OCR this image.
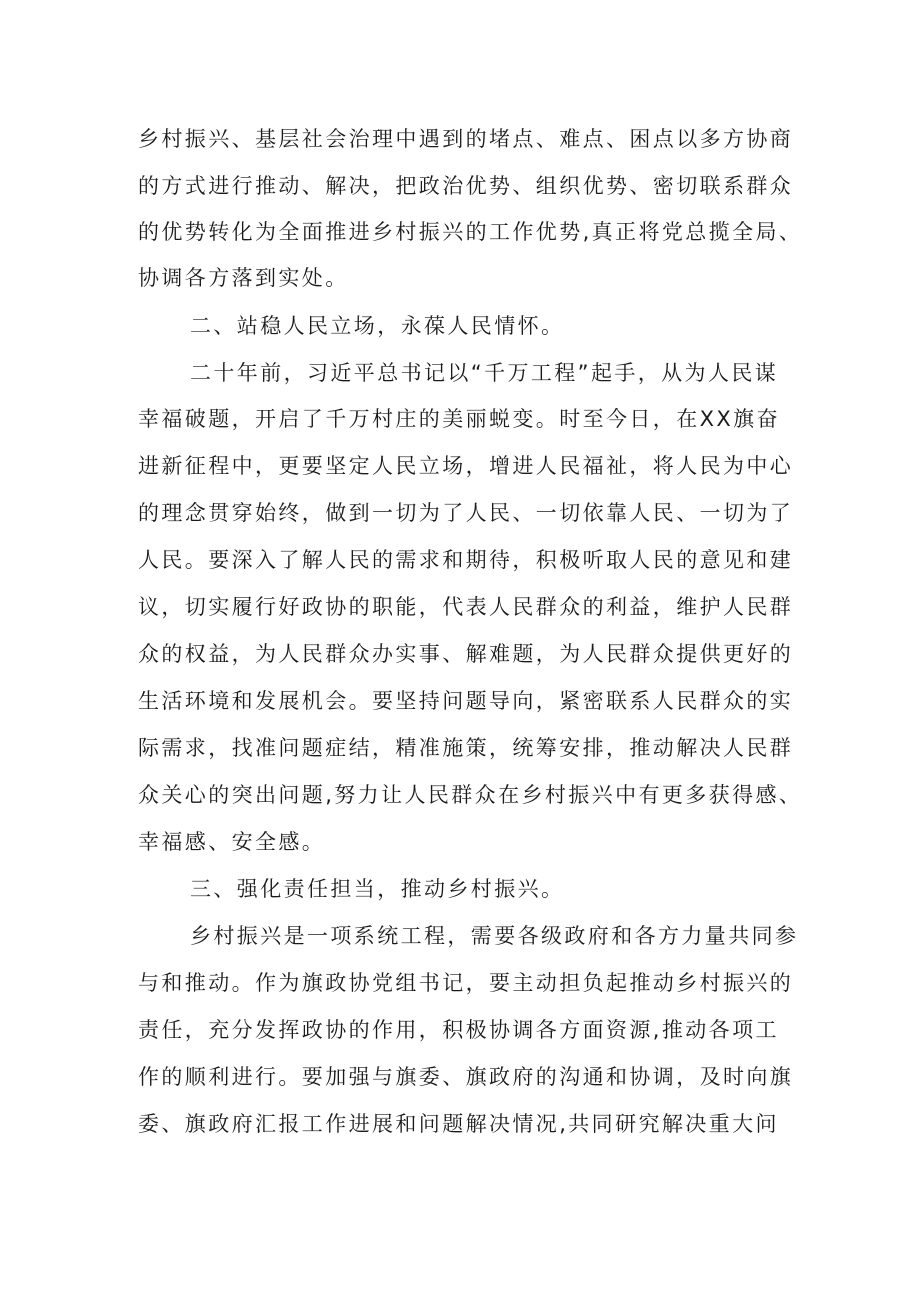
乡村振兴、基层社会治理中遇到的堵点、难点、困点以多方协商
的方式进行推动、解决，把政治优势、组织优势、密切联系群众
的优势转化为全面推进乡村振兴的工作优势,真正将党总揽全局、
协调各方落到实处。
二、站稳人民立场，永葆人民情怀。
二十年前，习近平总书记以“千万工程”起手，从为人民谋
幸福破题，开启了千万村庄的美丽蜕变。时至今日，在XX旗奋
进新征程中，更要坚定人民立场，增进人民福祉，将人民为中心
的理念贯穿始终，做到一切为了人民、一切依靠人民、一切为了
人民。要深入了解人民的需求和期待，积极听取人民的意见和建
议，切实履行好政协的职能，代表人民群众的利益，维护人民群
众的权益，为人民群众办实事、解难题，为人民群众提供更好的
生活环境和发展机会。要坚持问题导向，紧密联系人民群众的实
际需求，找准问题症结，精准施策，统筹安排，推动解决人民群
众关心的突出问题,努力让人民群众在乡村振兴中有更多获得感、
幸福感、安全感。
三、强化责任担当，推动乡村振兴。
乡村振兴是一项系统工程，需要各级政府和各方力量共同参
与和推动。作为旗政协党组书记，要主动担负起推动乡村振兴的
责任，充分发挥政协的作用，积极协调各方面资源,推动各项工
作的顺利进行。要加强与旗委、旗政府的沟通和协调，及时向旗
委、旗政府汇报工作进展和问题解决情况,共同研究解决重大问
